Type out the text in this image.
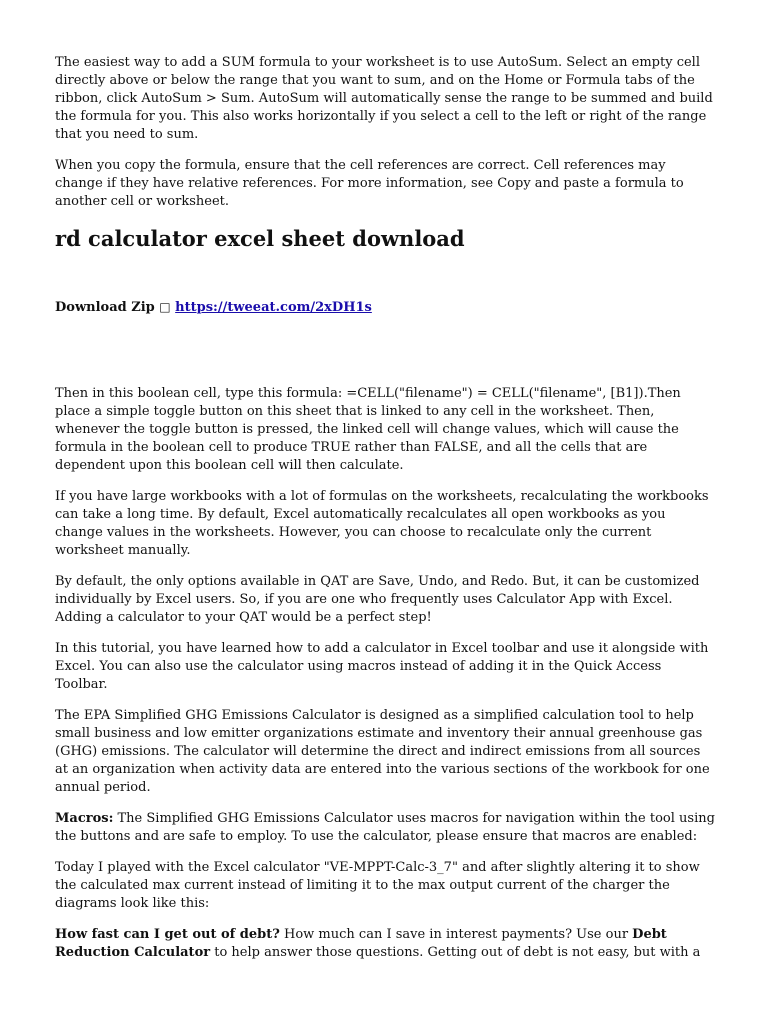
The easiest way to add a SUM formula to your worksheet is to use AutoSum. Select an empty cell directly above or below the range that you want to sum, and on the Home or Formula tabs of the ribbon, click AutoSum > Sum. AutoSum will automatically sense the range to be summed and build the formula for you. This also works horizontally if you select a cell to the left or right of the range that you need to sum.

When you copy the formula, ensure that the cell references are correct. Cell references may change if they have relative references. For more information, see Copy and paste a formula to another cell or worksheet.

rd calculator excel sheet download
Download Zip □ https://tweeat.com/2xDH1s

Then in this boolean cell, type this formula: =CELL("filename") = CELL("filename", [B1]).Then place a simple toggle button on this sheet that is linked to any cell in the worksheet. Then, whenever the toggle button is pressed, the linked cell will change values, which will cause the formula in the boolean cell to produce TRUE rather than FALSE, and all the cells that are dependent upon this boolean cell will then calculate.

If you have large workbooks with a lot of formulas on the worksheets, recalculating the workbooks can take a long time. By default, Excel automatically recalculates all open workbooks as you change values in the worksheets. However, you can choose to recalculate only the current worksheet manually.

By default, the only options available in QAT are Save, Undo, and Redo. But, it can be customized individually by Excel users. So, if you are one who frequently uses Calculator App with Excel. Adding a calculator to your QAT would be a perfect step!

In this tutorial, you have learned how to add a calculator in Excel toolbar and use it alongside with Excel. You can also use the calculator using macros instead of adding it in the Quick Access Toolbar.

The EPA Simplified GHG Emissions Calculator is designed as a simplified calculation tool to help small business and low emitter organizations estimate and inventory their annual greenhouse gas (GHG) emissions. The calculator will determine the direct and indirect emissions from all sources at an organization when activity data are entered into the various sections of the workbook for one annual period.

Macros: The Simplified GHG Emissions Calculator uses macros for navigation within the tool using the buttons and are safe to employ. To use the calculator, please ensure that macros are enabled:

Today I played with the Excel calculator "VE-MPPT-Calc-3_7" and after slightly altering it to show the calculated max current instead of limiting it to the max output current of the charger the diagrams look like this:

How fast can I get out of debt? How much can I save in interest payments? Use our Debt Reduction Calculator to help answer those questions. Getting out of debt is not easy, but with a
